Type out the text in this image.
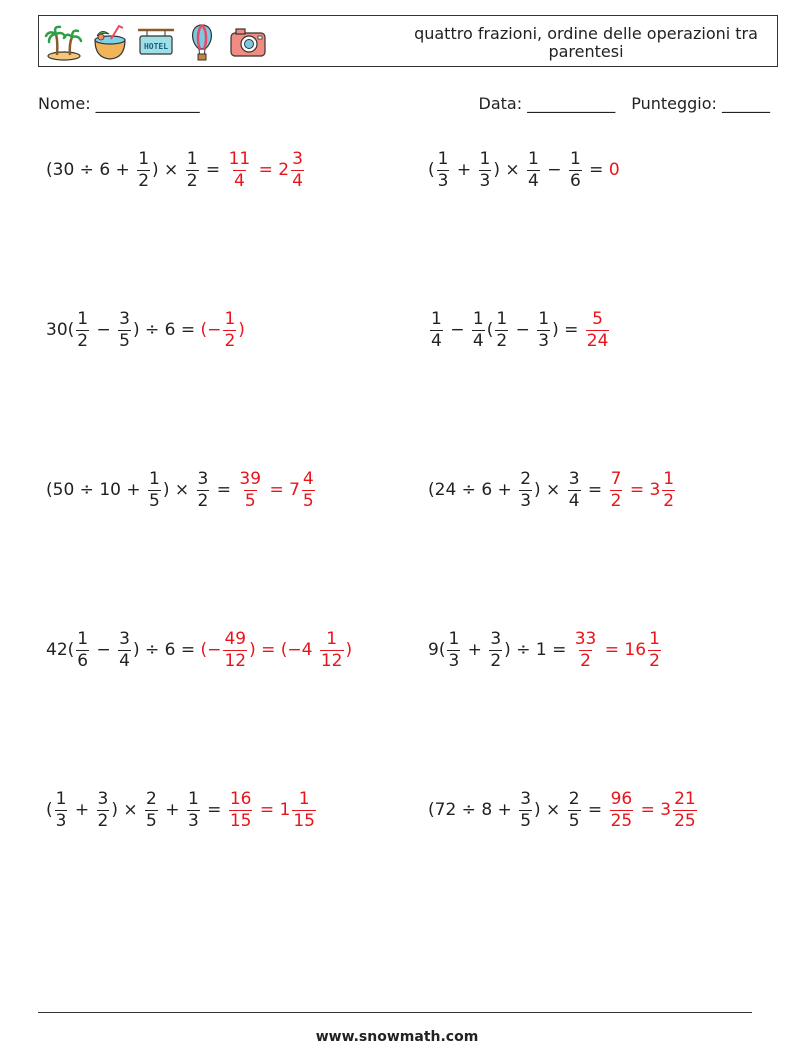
HOTEL
quattro frazioni, ordine delle operazioni tra parentesi
Nome: _____________	Data: ___________ Punteggio: ______
($30 \div 6 + \frac{1}{2}$ ) × $\frac{1}{2} = \frac{11}{4} = 2 \frac{3}{4}$	( $\frac{1}{3} + \frac{1}{3}$ ) × $\frac{1}{4} - \frac{1}{6} = 0$
$30( \frac{1}{2} - \frac{3}{5}$ ) ÷ 6 = (− $\frac{1}{2}$ )	$\frac{1}{4} - \frac{1}{4}$ ( $\frac{1}{2} - \frac{1}{3}$ ) = $\frac{5}{24}$
($50 \div 10 + \frac{1}{5}$ ) × $\frac{3}{2} = \frac{39}{5} = 7 \frac{4}{5}$	($24 \div 6 + \frac{2}{3}$ ) × $\frac{3}{4} = \frac{7}{2} = 3 \frac{1}{2}$
$42( \frac{1}{6} - \frac{3}{4}$ ) ÷ 6 = (− $\frac{49}{12}$ ) = ($-4 \frac{1}{12}$ )	$9( \frac{1}{3} + \frac{3}{2}$ ) ÷ $1 = \frac{33}{2} = 16 \frac{1}{2}$
( $\frac{1}{3} + \frac{3}{2}$ ) × $\frac{2}{5} + \frac{1}{3} = \frac{16}{15} = 1 \frac{1}{15}$	($72 \div 8 + \frac{3}{5}$ ) × $\frac{2}{5} = \frac{96}{25} = 3 \frac{21}{25}$
www.snowmath.com
